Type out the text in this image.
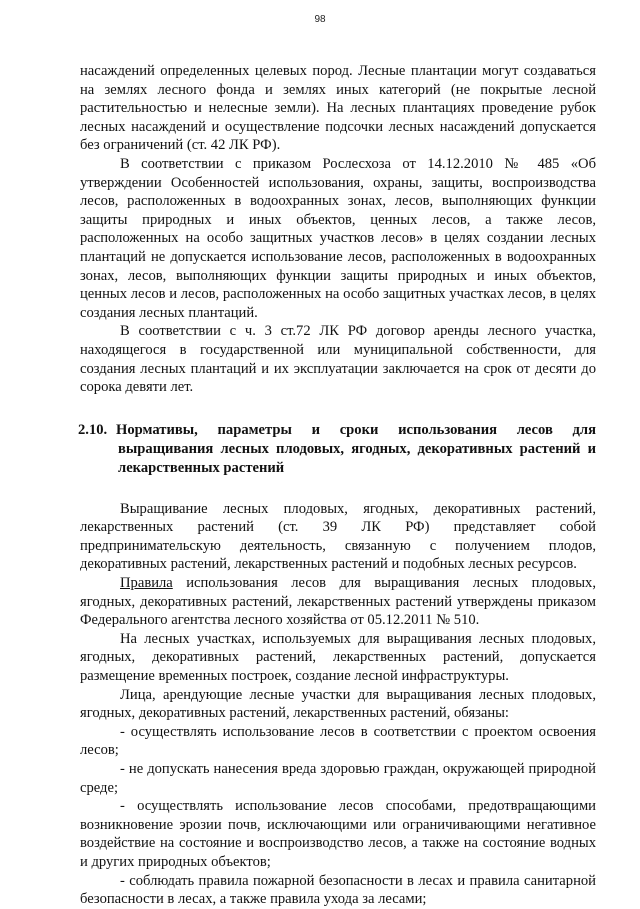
98

насаждений определенных целевых пород. Лесные плантации могут создаваться на землях лесного фонда и землях иных категорий (не покрытые лесной растительностью и нелесные земли). На лесных плантациях проведение рубок лесных насаждений и осуществление подсочки лесных насаждений допускается без ограничений (ст. 42 ЛК РФ).

В соответствии с приказом Рослесхоза от 14.12.2010 № 485 «Об утверждении Особенностей использования, охраны, защиты, воспроизводства лесов, расположенных в водоохранных зонах, лесов, выполняющих функции защиты природных и иных объектов, ценных лесов, а также лесов, расположенных на особо защитных участков лесов» в целях создании лесных плантаций не допускается использование лесов, расположенных в водоохранных зонах, лесов, выполняющих функции защиты природных и иных объектов, ценных лесов и лесов, расположенных на особо защитных участках лесов, в целях создания лесных плантаций.

В соответствии с ч. 3 ст.72 ЛК РФ договор аренды лесного участка, находящегося в государственной или муниципальной собственности, для создания лесных плантаций и их эксплуатации заключается на срок от десяти до сорока девяти лет.

2.10. Нормативы, параметры и сроки использования лесов для выращивания лесных плодовых, ягодных, декоративных растений и лекарственных растений

Выращивание лесных плодовых, ягодных, декоративных растений, лекарственных растений (ст. 39 ЛК РФ) представляет собой предпринимательскую деятельность, связанную с получением плодов, декоративных растений, лекарственных растений и подобных лесных ресурсов.

Правила использования лесов для выращивания лесных плодовых, ягодных, декоративных растений, лекарственных растений утверждены приказом Федерального агентства лесного хозяйства от 05.12.2011 № 510.

На лесных участках, используемых для выращивания лесных плодовых, ягодных, декоративных растений, лекарственных растений, допускается размещение временных построек, создание лесной инфраструктуры.

Лица, арендующие лесные участки для выращивания лесных плодовых, ягодных, декоративных растений, лекарственных растений, обязаны:

- осуществлять использование лесов в соответствии с проектом освоения лесов;

- не допускать нанесения вреда здоровью граждан, окружающей природной среде;

- осуществлять использование лесов способами, предотвращающими возникновение эрозии почв, исключающими или ограничивающими негативное воздействие на состояние и воспроизводство лесов, а также на состояние водных и других природных объектов;

- соблюдать правила пожарной безопасности в лесах и правила санитарной безопасности в лесах, а также правила ухода за лесами;
